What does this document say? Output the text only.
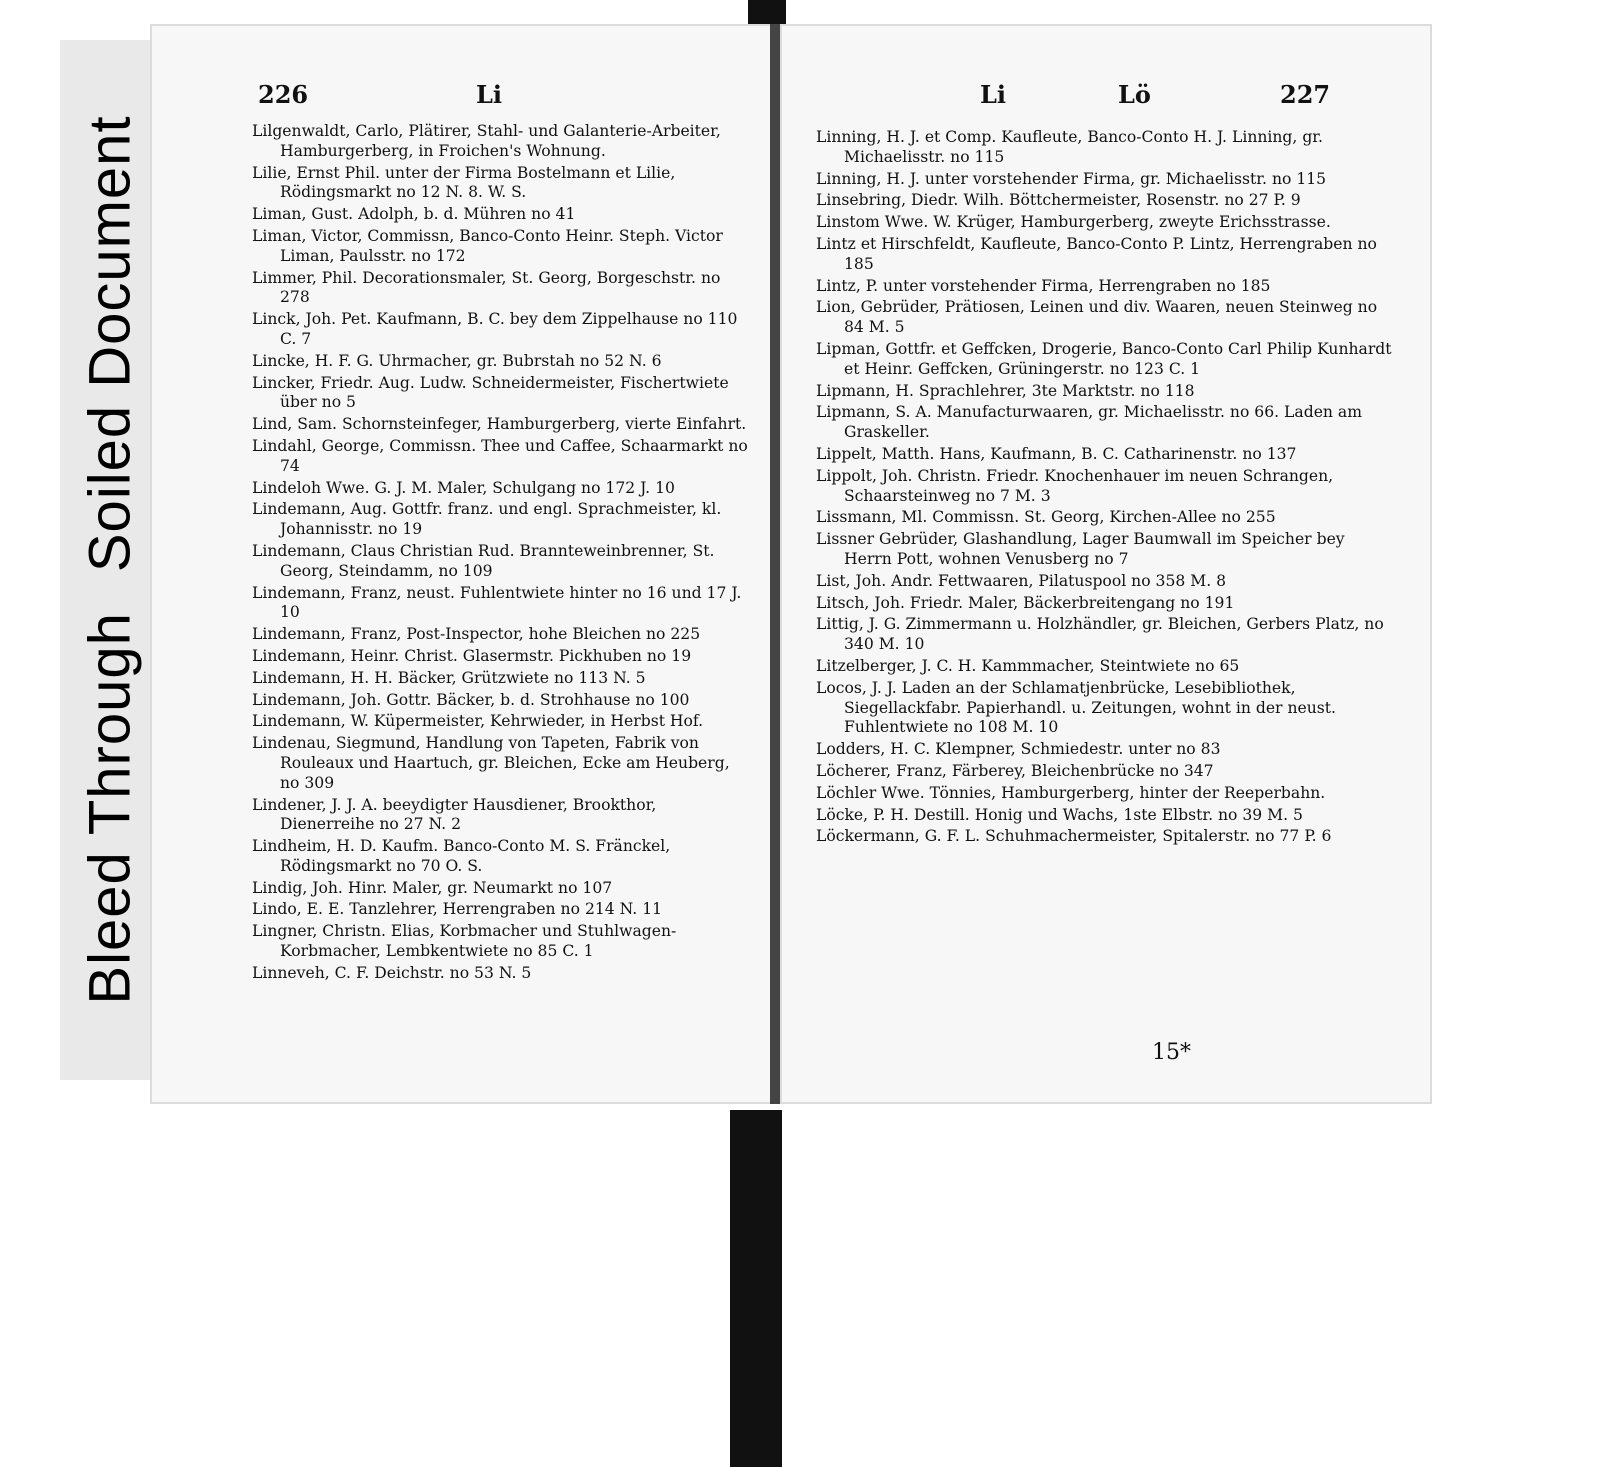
Bleed ThroughSoiled Document
226	Li
Lilgenwaldt, Carlo, Plätirer, Stahl- und Galanterie-Arbeiter, Hamburgerberg, in Froichen's Wohnung.
Lilie, Ernst Phil. unter der Firma Bostelmann et Lilie, Rödingsmarkt no 12 N. 8. W. S.
Liman, Gust. Adolph, b. d. Mühren no 41
Liman, Victor, Commissn, Banco-Conto Heinr. Steph. Victor Liman, Paulsstr. no 172
Limmer, Phil. Decorationsmaler, St. Georg, Borgeschstr. no 278
Linck, Joh. Pet. Kaufmann, B. C. bey dem Zippelhause no 110 C. 7
Lincke, H. F. G. Uhrmacher, gr. Bubrstah no 52 N. 6
Lincker, Friedr. Aug. Ludw. Schneidermeister, Fischertwiete über no 5
Lind, Sam. Schornsteinfeger, Hamburgerberg, vierte Einfahrt.
Lindahl, George, Commissn. Thee und Caffee, Schaarmarkt no 74
Lindeloh Wwe. G. J. M. Maler, Schulgang no 172 J. 10
Lindemann, Aug. Gottfr. franz. und engl. Sprachmeister, kl. Johannisstr. no 19
Lindemann, Claus Christian Rud. Brannteweinbrenner, St. Georg, Steindamm, no 109
Lindemann, Franz, neust. Fuhlentwiete hinter no 16 und 17 J. 10
Lindemann, Franz, Post-Inspector, hohe Bleichen no 225
Lindemann, Heinr. Christ. Glasermstr. Pickhuben no 19
Lindemann, H. H. Bäcker, Grützwiete no 113 N. 5
Lindemann, Joh. Gottr. Bäcker, b. d. Strohhause no 100
Lindemann, W. Küpermeister, Kehrwieder, in Herbst Hof.
Lindenau, Siegmund, Handlung von Tapeten, Fabrik von Rouleaux und Haartuch, gr. Bleichen, Ecke am Heuberg, no 309
Lindener, J. J. A. beeydigter Hausdiener, Brookthor, Dienerreihe no 27 N. 2
Lindheim, H. D. Kaufm. Banco-Conto M. S. Fränckel, Rödingsmarkt no 70 O. S.
Lindig, Joh. Hinr. Maler, gr. Neumarkt no 107
Lindo, E. E. Tanzlehrer, Herrengraben no 214 N. 11
Lingner, Christn. Elias, Korbmacher und Stuhlwagen-Korbmacher, Lembkentwiete no 85 C. 1
Linneveh, C. F. Deichstr. no 53 N. 5
Li	Lö	227
Linning, H. J. et Comp. Kaufleute, Banco-Conto H. J. Linning, gr. Michaelisstr. no 115
Linning, H. J. unter vorstehender Firma, gr. Michaelisstr. no 115
Linsebring, Diedr. Wilh. Böttchermeister, Rosenstr. no 27 P. 9
Linstom Wwe. W. Krüger, Hamburgerberg, zweyte Erichsstrasse.
Lintz et Hirschfeldt, Kaufleute, Banco-Conto P. Lintz, Herrengraben no 185
Lintz, P. unter vorstehender Firma, Herrengraben no 185
Lion, Gebrüder, Prätiosen, Leinen und div. Waaren, neuen Steinweg no 84 M. 5
Lipman, Gottfr. et Geffcken, Drogerie, Banco-Conto Carl Philip Kunhardt et Heinr. Geffcken, Grüningerstr. no 123 C. 1
Lipmann, H. Sprachlehrer, 3te Marktstr. no 118
Lipmann, S. A. Manufacturwaaren, gr. Michaelisstr. no 66. Laden am Graskeller.
Lippelt, Matth. Hans, Kaufmann, B. C. Catharinenstr. no 137
Lippolt, Joh. Christn. Friedr. Knochenhauer im neuen Schrangen, Schaarsteinweg no 7 M. 3
Lissmann, Ml. Commissn. St. Georg, Kirchen-Allee no 255
Lissner Gebrüder, Glashandlung, Lager Baumwall im Speicher bey Herrn Pott, wohnen Venusberg no 7
List, Joh. Andr. Fettwaaren, Pilatuspool no 358 M. 8
Litsch, Joh. Friedr. Maler, Bäckerbreitengang no 191
Littig, J. G. Zimmermann u. Holzhändler, gr. Bleichen, Gerbers Platz, no 340 M. 10
Litzelberger, J. C. H. Kammmacher, Steintwiete no 65
Locos, J. J. Laden an der Schlamatjenbrücke, Lesebibliothek, Siegellackfabr. Papierhandl. u. Zeitungen, wohnt in der neust. Fuhlentwiete no 108 M. 10
Lodders, H. C. Klempner, Schmiedestr. unter no 83
Löcherer, Franz, Färberey, Bleichenbrücke no 347
Löchler Wwe. Tönnies, Hamburgerberg, hinter der Reeperbahn.
Löcke, P. H. Destill. Honig und Wachs, 1ste Elbstr. no 39 M. 5
Löckermann, G. F. L. Schuhmachermeister, Spitalerstr. no 77 P. 6
15*
